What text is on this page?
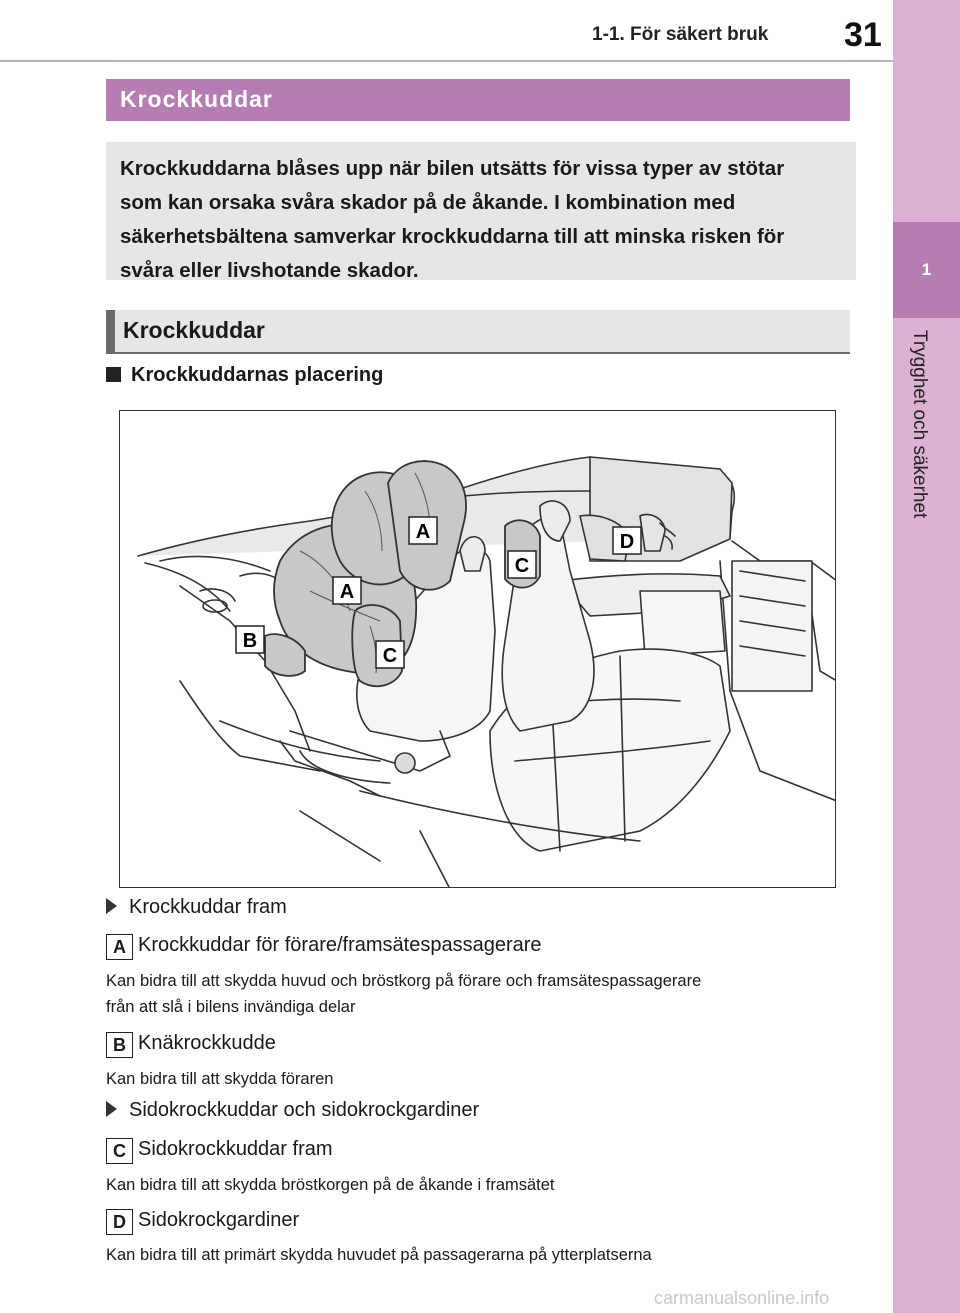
1-1. För säkert bruk 31
1
Trygghet och säkerhet
Krockkuddar
Krockkuddarna blåses upp när bilen utsätts för vissa typer av stötar
som kan orsaka svåra skador på de åkande. I kombination med
säkerhetsbältena samverkar krockkuddarna till att minska risken för
svåra eller livshotande skador.
Krockkuddar
Krockkuddarnas placering
A	D
C
A
B
C
Krockkuddar fram
A Krockkuddar för förare/framsätespassagerare
Kan bidra till att skydda huvud och bröstkorg på förare och framsätespassagerare
från att slå i bilens invändiga delar
B Knäkrockkudde
Kan bidra till att skydda föraren
Sidokrockkuddar och sidokrockgardiner
C Sidokrockkuddar fram
Kan bidra till att skydda bröstkorgen på de åkande i framsätet
D Sidokrockgardiner
Kan bidra till att primärt skydda huvudet på passagerarna på ytterplatserna
carmanualsonline.info
